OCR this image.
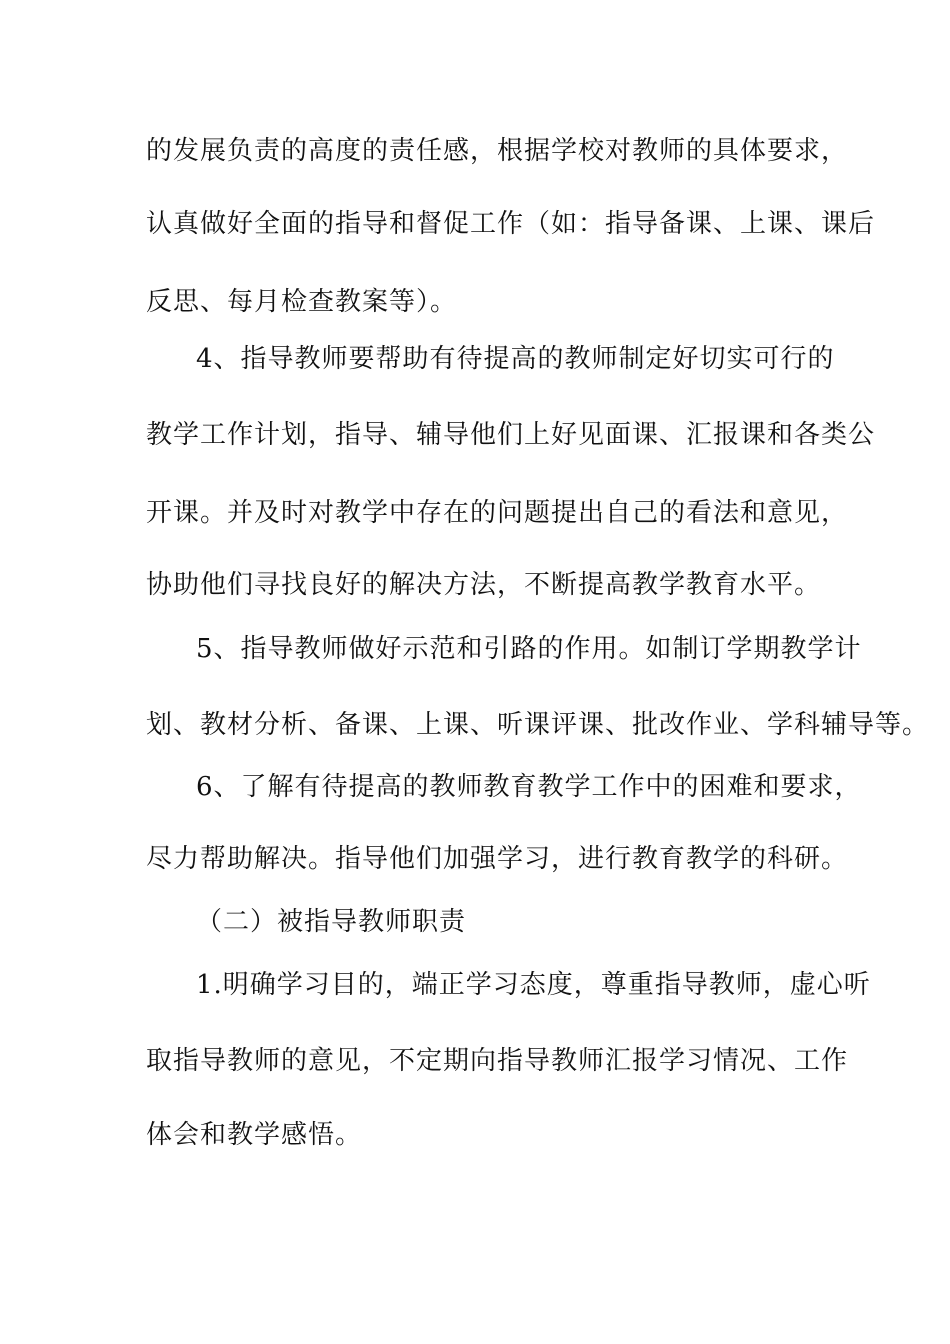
的发展负责的高度的责任感，根据学校对教师的具体要求，
认真做好全面的指导和督促工作（如：指导备课、上课、课后
反思、每月检查教案等）。
4、指导教师要帮助有待提高的教师制定好切实可行的
教学工作计划，指导、辅导他们上好见面课、汇报课和各类公
开课。并及时对教学中存在的问题提出自己的看法和意见，
协助他们寻找良好的解决方法，不断提高教学教育水平。
5、指导教师做好示范和引路的作用。如制订学期教学计
划、教材分析、备课、上课、听课评课、批改作业、学科辅导等。
6、了解有待提高的教师教育教学工作中的困难和要求，
尽力帮助解决。指导他们加强学习，进行教育教学的科研。
（二）被指导教师职责
1.明确学习目的，端正学习态度，尊重指导教师，虚心听
取指导教师的意见，不定期向指导教师汇报学习情况、工作
体会和教学感悟。
